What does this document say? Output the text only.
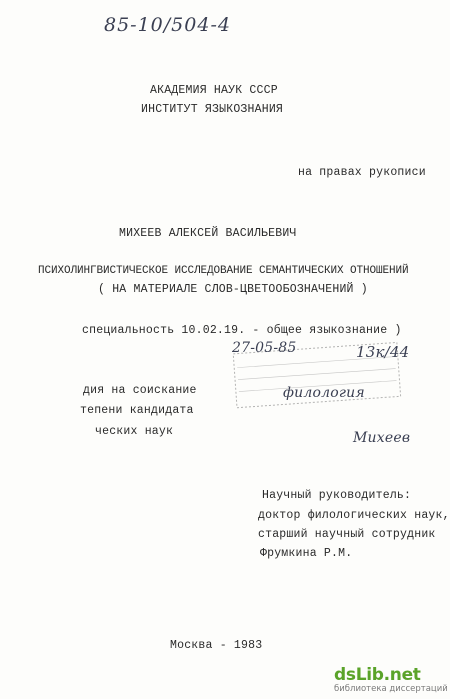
85-10/504-4
АКАДЕМИЯ НАУК СССР
ИНСТИТУТ ЯЗЫКОЗНАНИЯ
на правах рукописи
МИХЕЕВ АЛЕКСЕЙ ВАСИЛЬЕВИЧ
ПСИХОЛИНГВИСТИЧЕСКОЕ ИССЛЕДОВАНИЕ СЕМАНТИЧЕСКИХ ОТНОШЕНИЙ
( НА МАТЕРИАЛЕ СЛОВ-ЦВЕТООБОЗНАЧЕНИЙ )
специальность 10.02.19. - общее языкознание )
дия на соискание
тепени кандидата
ческих наук
27-05-85	13к/44
филология
Михеев
Научный руководитель:
доктор филологических наук,
старший научный сотрудник
Фрумкина Р.М.
Москва - 1983
dsLib.net
библиотека диссертаций
